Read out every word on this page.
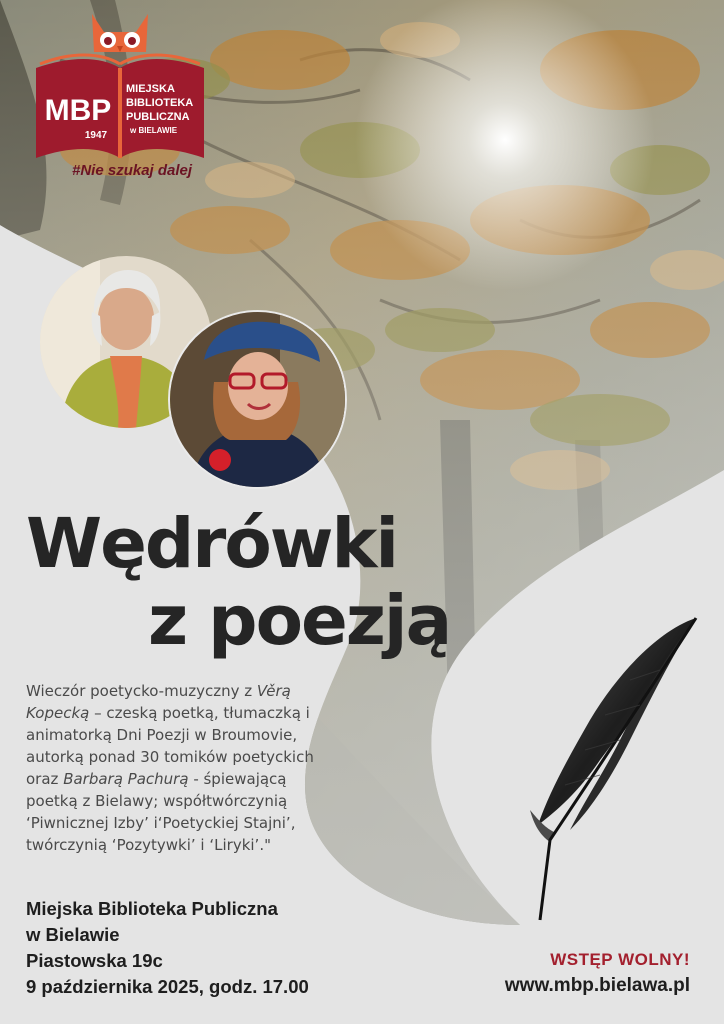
MBP
1947
MIEJSKA
BIBLIOTEKA
PUBLICZNA
w BIELAWIE
#Nie szukaj dalej
Wędrówki
z poezją
Wieczór poetycko-muzyczny z Věrą Kopecką – czeską poetką, tłumaczką i animatorką Dni Poezji w Broumovie, autorką ponad 30 tomików poetyckich oraz Barbarą Pachurą - śpiewającą poetką z Bielawy; współtwórczynią ‘Piwnicznej Izby’ i‘Poetyckiej Stajni’, twórczynią ‘Pozytywki’ i ‘Liryki’."
Miejska Biblioteka Publiczna
w Bielawie
Piastowska 19c
9 października 2025, godz. 17.00
WSTĘP WOLNY!
www.mbp.bielawa.pl
